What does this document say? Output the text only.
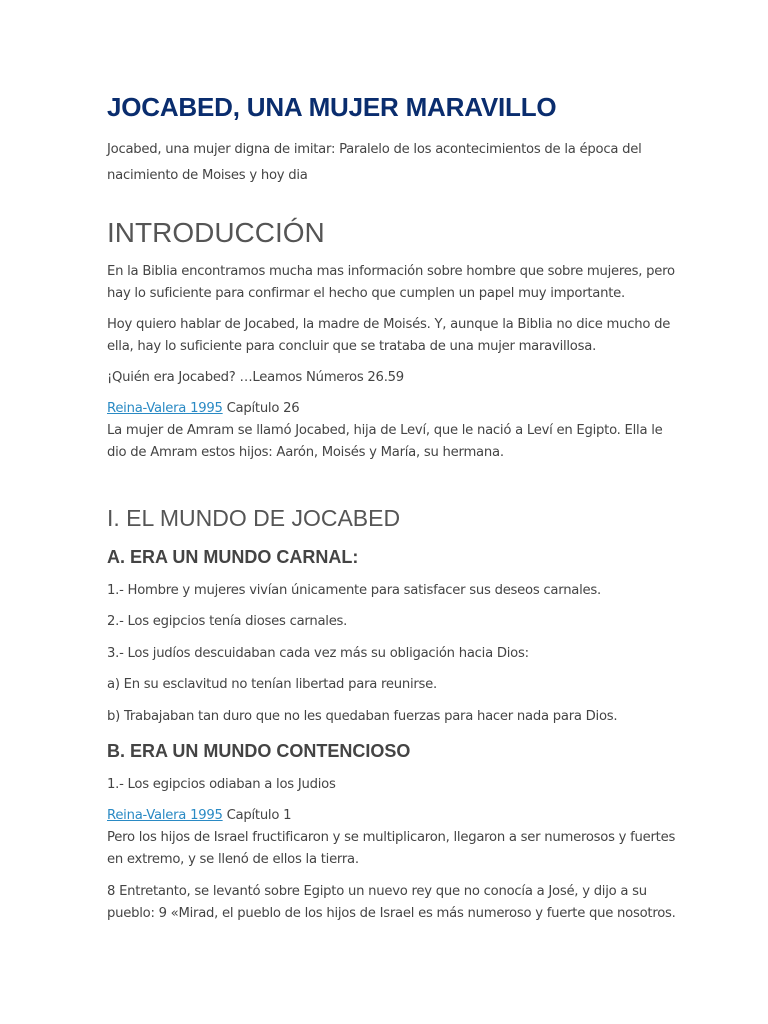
JOCABED, UNA MUJER MARAVILLO

Jocabed, una mujer digna de imitar: Paralelo de los acontecimientos de la época del nacimiento de Moises y hoy dia

INTRODUCCIÓN

En la Biblia encontramos mucha mas información sobre hombre que sobre mujeres, pero hay lo suficiente para confirmar el hecho que cumplen un papel muy importante.

Hoy quiero hablar de Jocabed, la madre de Moisés. Y, aunque la Biblia no dice mucho de ella, hay lo suficiente para concluir que se trataba de una mujer maravillosa.

¡Quién era Jocabed? …Leamos Números 26.59

Reina-Valera 1995 Capítulo 26
La mujer de Amram se llamó Jocabed, hija de Leví, que le nació a Leví en Egipto. Ella le dio de Amram estos hijos: Aarón, Moisés y María, su hermana.
I. EL MUNDO DE JOCABED
A. ERA UN MUNDO CARNAL:

1.- Hombre y mujeres vivían únicamente para satisfacer sus deseos carnales.

2.- Los egipcios tenía dioses carnales.

3.- Los judíos descuidaban cada vez más su obligación hacia Dios:

a) En su esclavitud no tenían libertad para reunirse.

b) Trabajaban tan duro que no les quedaban fuerzas para hacer nada para Dios.

B. ERA UN MUNDO CONTENCIOSO

1.- Los egipcios odiaban a los Judios

Reina-Valera 1995 Capítulo 1
Pero los hijos de Israel fructificaron y se multiplicaron, llegaron a ser numerosos y fuertes en extremo, y se llenó de ellos la tierra.

8 Entretanto, se levantó sobre Egipto un nuevo rey que no conocía a José, y dijo a su pueblo: 9 «Mirad, el pueblo de los hijos de Israel es más numeroso y fuerte que nosotros.
